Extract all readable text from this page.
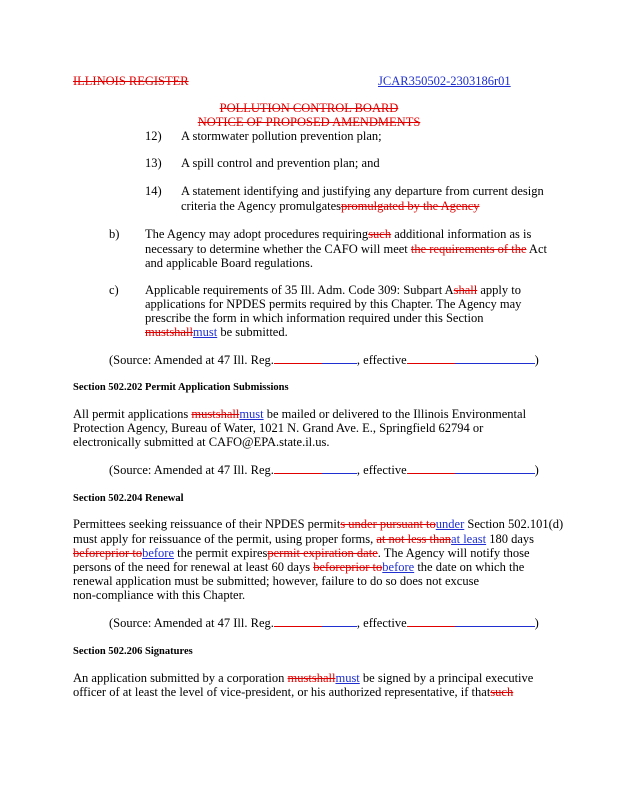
ILLINOIS REGISTER	JCAR350502-2303186r01
POLLUTION CONTROL BOARD
NOTICE OF PROPOSED AMENDMENTS
12) A stormwater pollution prevention plan;
13) A spill control and prevention plan; and
14) A statement identifying and justifying any departure from current design
criteria the Agency promulgatespromulgated by the Agency
b) The Agency may adopt procedures requiringsuch additional information as is
necessary to determine whether the CAFO will meet the requirements of the Act
and applicable Board regulations.
c) Applicable requirements of 35 Ill. Adm. Code 309: Subpart Ashall apply to
applications for NPDES permits required by this Chapter. The Agency may
prescribe the form in which information required under this Section
mustshallmust be submitted.
(Source: Amended at 47 Ill. Reg.	, effective	)
Section 502.202 Permit Application Submissions
All permit applications mustshallmust be mailed or delivered to the Illinois Environmental
Protection Agency, Bureau of Water, 1021 N. Grand Ave. E., Springfield 62794 or
electronically submitted at CAFO@EPA.state.il.us.
(Source: Amended at 47 Ill. Reg.	, effective	)
Section 502.204 Renewal
Permittees seeking reissuance of their NPDES permits under pursuant tounder Section 502.101(d)
must apply for reissuance of the permit, using proper forms, at not less thanat least 180 days
beforeprior tobefore the permit expirespermit expiration date. The Agency will notify those
persons of the need for renewal at least 60 days beforeprior tobefore the date on which the
renewal application must be submitted; however, failure to do so does not excuse
non-compliance with this Chapter.
(Source: Amended at 47 Ill. Reg.	, effective	)
Section 502.206 Signatures
An application submitted by a corporation mustshallmust be signed by a principal executive
officer of at least the level of vice-president, or his authorized representative, if thatsuch
